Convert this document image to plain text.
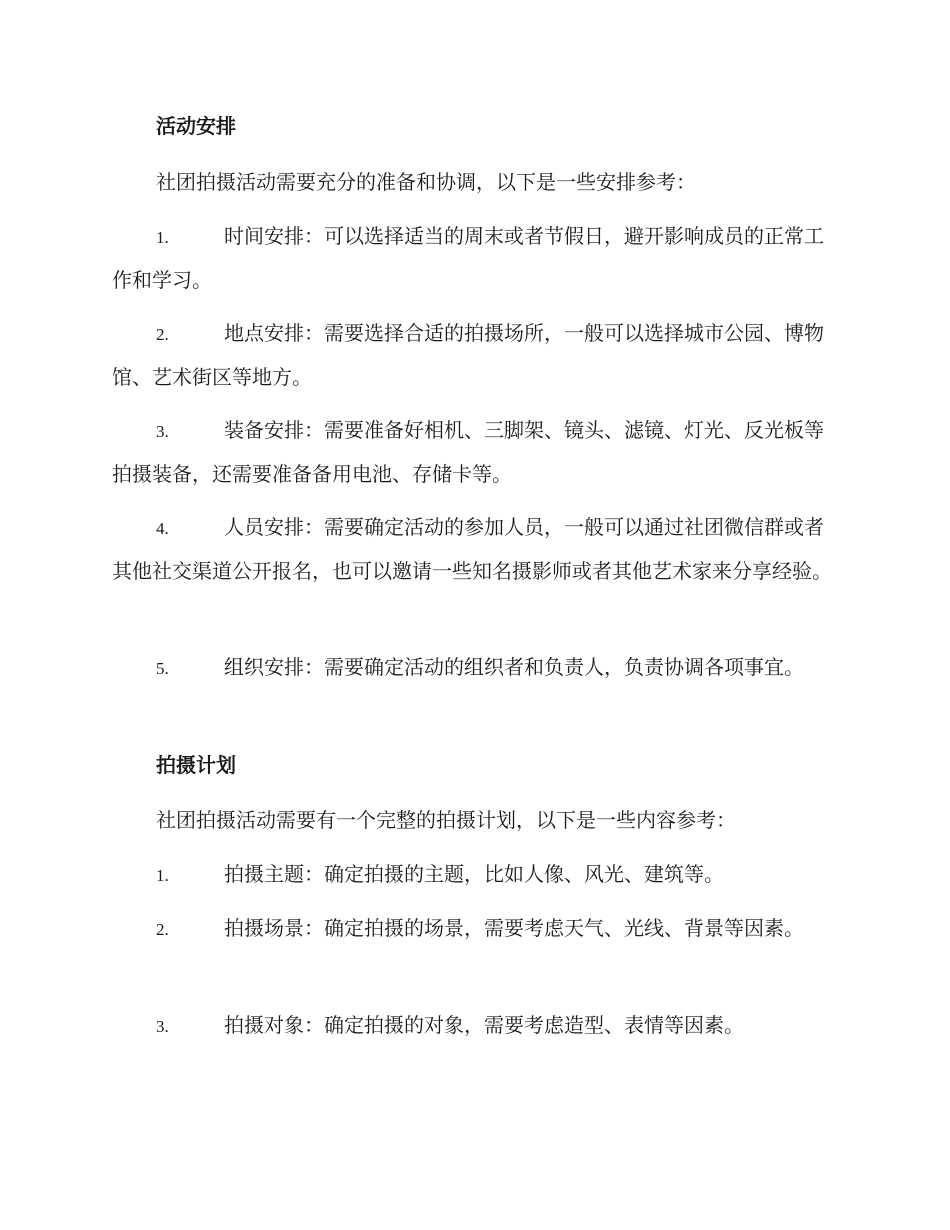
活动安排

社团拍摄活动需要充分的准备和协调，以下是一些安排参考：

1.	时间安排：可以选择适当的周末或者节假日，避开影响成员的正常工作和学习。

2.	地点安排：需要选择合适的拍摄场所，一般可以选择城市公园、博物馆、艺术街区等地方。

3.	装备安排：需要准备好相机、三脚架、镜头、滤镜、灯光、反光板等拍摄装备，还需要准备备用电池、存储卡等。

4.	人员安排：需要确定活动的参加人员，一般可以通过社团微信群或者其他社交渠道公开报名，也可以邀请一些知名摄影师或者其他艺术家来分享经验。

5.	组织安排：需要确定活动的组织者和负责人，负责协调各项事宜。

拍摄计划

社团拍摄活动需要有一个完整的拍摄计划，以下是一些内容参考：

1.	拍摄主题：确定拍摄的主题，比如人像、风光、建筑等。

2.	拍摄场景：确定拍摄的场景，需要考虑天气、光线、背景等因素。

3.	拍摄对象：确定拍摄的对象，需要考虑造型、表情等因素。
